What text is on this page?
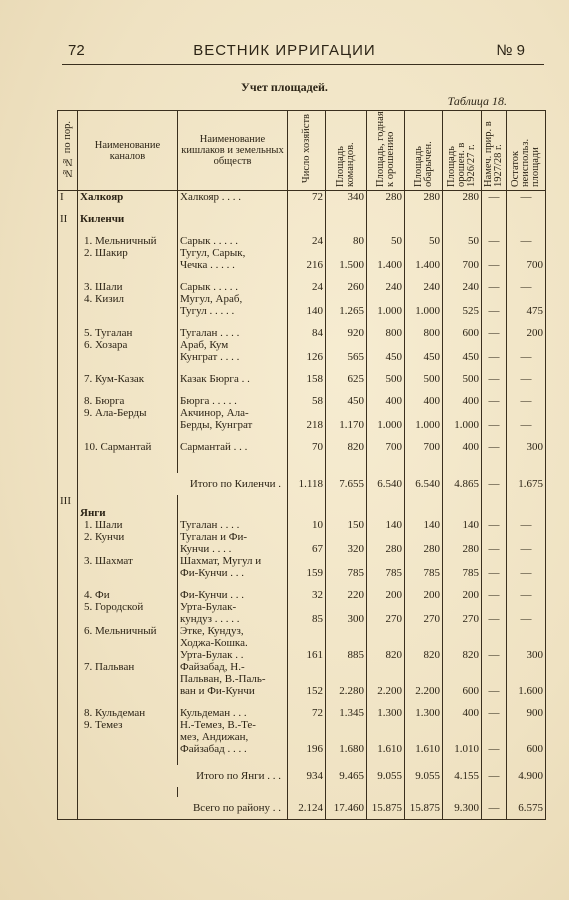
72	ВЕСТНИК ИРРИГАЦИИ	№ 9
Учет площадей.
Таблица 18.
№№ по пор.	Наименование каналов	Наименование кишлаков и земельных обществ	Число хозяйств	Площадь командов.	Площадь, годная к орошению	Площадь обарычен.	Площадь орошен. в 1926/27 г.	Намеч. прир. в 1927/28 г.	Остаток неиспольз. площади
I	Халкояр	Халкояр . . . .	72	340	280	280	280	—	—

II	Киленчи								

	1. Мельничный	Сарык . . . . .	24	80	50	50	50	—	—
	2. Шакир	Тугул, Сарык,							
		Чечка . . . . .	216	1.500	1.400	1.400	700	—	700

	3. Шали	Сарык . . . . .	24	260	240	240	240	—	—
	4. Кизил	Мугул, Араб,							
		Тугул . . . . .	140	1.265	1.000	1.000	525	—	475

	5. Тугалан	Тугалан . . . .	84	920	800	800	600	—	200
	6. Хозара	Араб, Кум							
		Кунграт . . . .	126	565	450	450	450	—	—

	7. Кум-Казак	Казак Бюрга . .	158	625	500	500	500	—	—

	8. Бюрга	Бюрга . . . . .	58	450	400	400	400	—	—
	9. Ала-Берды	Акчинор, Ала-							
		Берды, Кунграт	218	1.170	1.000	1.000	1.000	—	—

	10. Сармантай	Сармантай . . .	70	820	700	700	400	—	300

	Итого по Киленчи .		1.118	7.655	6.540	6.540	4.865	—	1.675
III									
	Янги								
	1. Шали	Тугалан . . . .	10	150	140	140	140	—	—
	2. Кунчи	Тугалан и Фи-							
		Кунчи . . . .	67	320	280	280	280	—	—
	3. Шахмат	Шахмат, Мугул и							
		Фи-Кунчи . . .	159	785	785	785	785	—	—

	4. Фи	Фи-Кунчи . . .	32	220	200	200	200	—	—
	5. Городской	Урта-Булак-							
		кундуз . . . . .	85	300	270	270	270	—	—
	6. Мельничный	Этке, Кундуз,							
		Ходжа-Кошка.							
		Урта-Булак . .	161	885	820	820	820	—	300
	7. Пальван	Файзабад, Н.-							
		Пальван, В.-Паль-							
		ван и Фи-Кунчи	152	2.280	2.200	2.200	600	—	1.600

	8. Кульдеман	Кульдеман . . .	72	1.345	1.300	1.300	400	—	900
	9. Темез	Н.-Темез, В.-Те-							
		мез, Андижан,							
		Файзабад . . . .	196	1.680	1.610	1.610	1.010	—	600

	Итого по Янги . . .		934	9.465	9.055	9.055	4.155	—	4.900

	Всего по району . .		2.124	17.460	15.875	15.875	9.300	—	6.575
